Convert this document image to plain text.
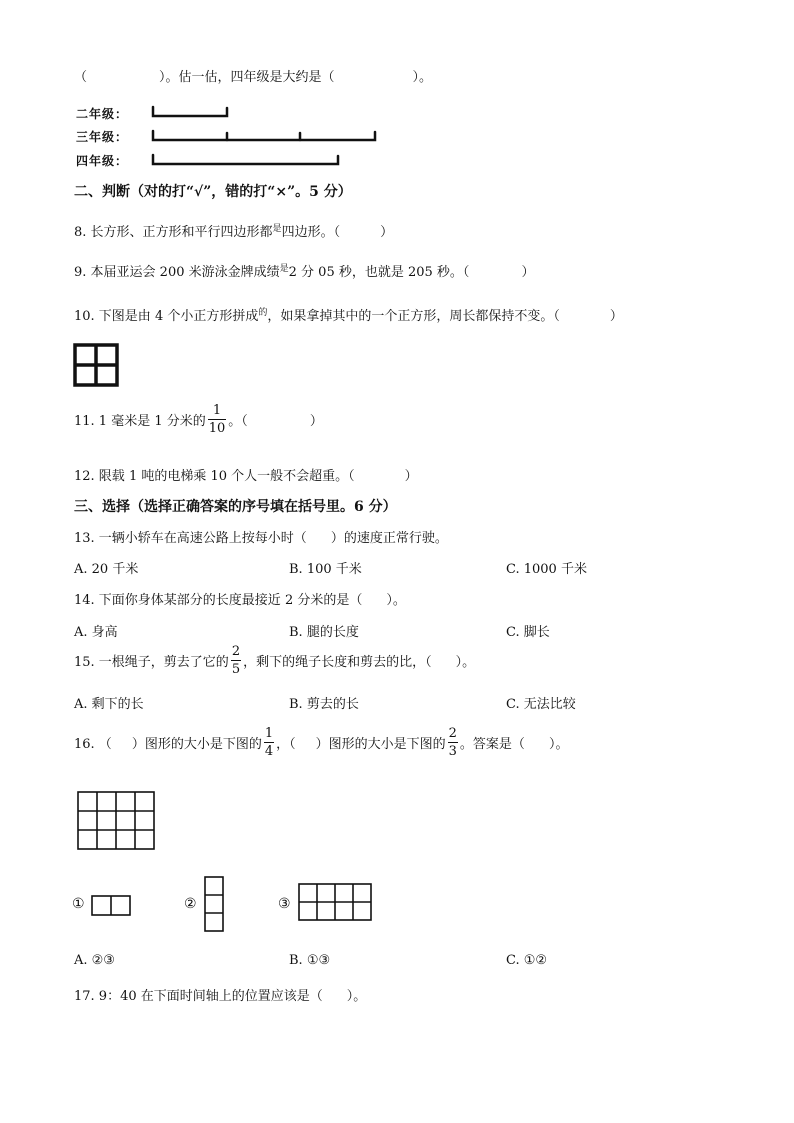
（	）。估一估，四年级是大约是（	）。
二年级：
三年级：
四年级：
二、判断（对的打“√”，错的打“×”。5 分）
8. 长方形、正方形和平行四边形都$^是$四边形。（	）
9. 本届亚运会 200 米游泳金牌成绩$^是$2 分 05 秒，也就是 205 秒。（	）
10. 下图是由 4 个小正方形拼成$^的$，如果拿掉其中的一个正方形，周长都保持不变。（	）
11. 1 毫米是 1 分米的 $\frac{1}{10}$ 。（	）
12. 限载 1 吨的电梯乘 10 个人一般不会超重。（	）
三、选择（选择正确答案的序号填在括号里。6 分）
13. 一辆小轿车在高速公路上按每小时（ ）的速度正常行驶。
A. 20 千米	B. 100 千米	C. 1000 千米
14. 下面你身体某部分的长度最接近 2 分米的是（ ）。
A. 身高	B. 腿的长度	C. 脚长
15. 一根绳子，剪去了它的 $\frac{2}{5}$ ，剩下的绳子长度和剪去的比，（ ）。
A. 剩下的长	B. 剪去的长	C. 无法比较
16. （ ）图形的大小是下图的 $\frac{1}{4}$ ，（ ）图形的大小是下图的 $\frac{2}{3}$ 。答案是（ ）。
①	②	③
A. ②③	B. ①③	C. ①②
17. 9：40 在下面时间轴上的位置应该是（ ）。
